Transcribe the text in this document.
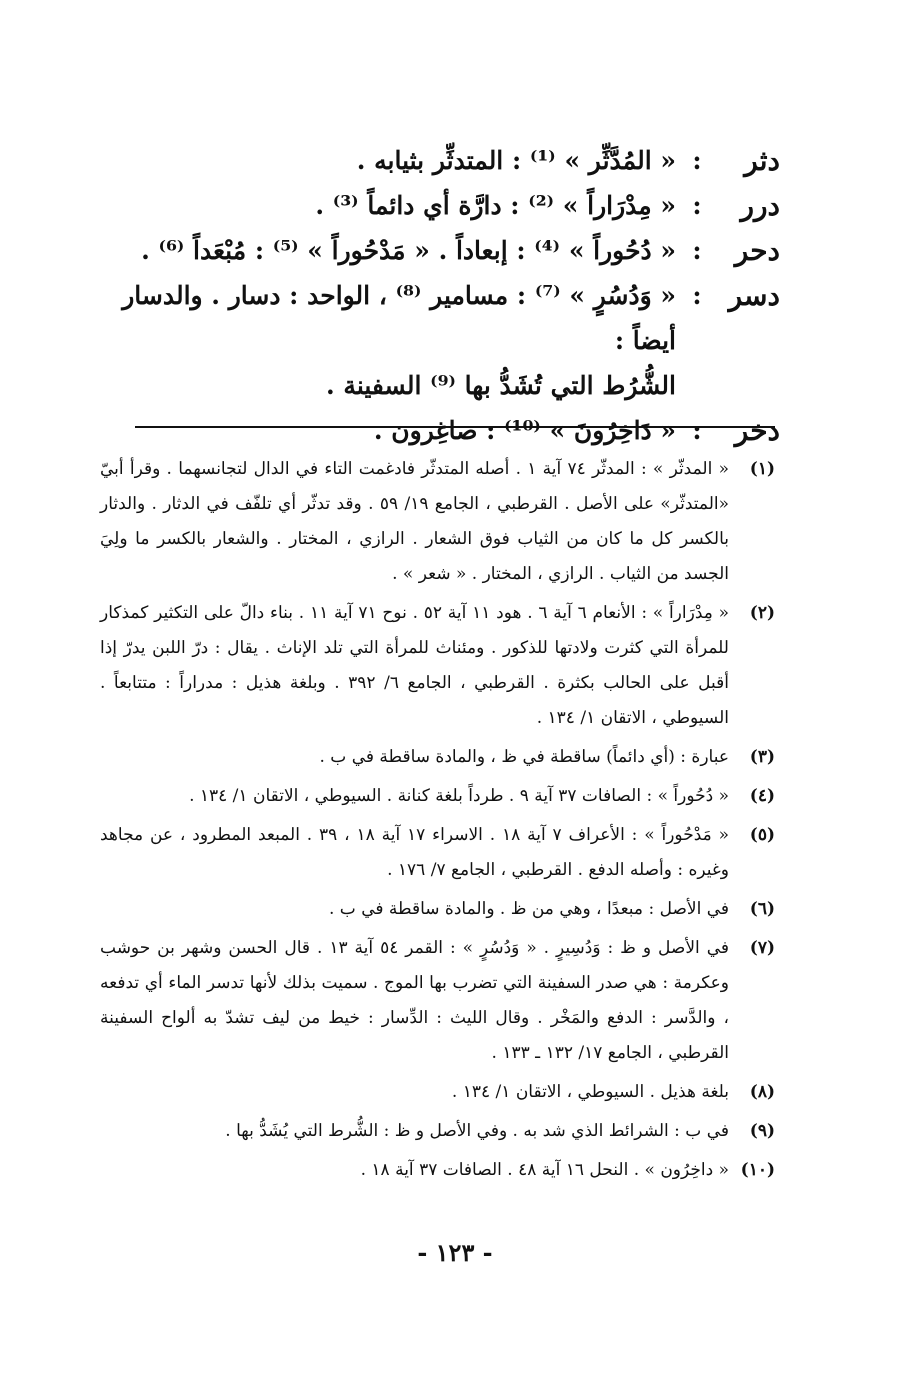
دثر
:
« المُدَّثِّر » ⁽¹⁾ : المتدثِّر بثيابه .
درر
:
« مِدْرَاراً » ⁽²⁾ : دارَّة أي دائماً ⁽³⁾ .
دحر
:
« دُحُوراً » ⁽⁴⁾ : إبعاداً . « مَدْحُوراً » ⁽⁵⁾ : مُبْعَداً ⁽⁶⁾ .
دسر
:
« وَدُسُرٍ » ⁽⁷⁾ : مسامير ⁽⁸⁾ ، الواحد : دسار . والدسار أيضاً :
الشُّرُط التي تُشَدُّ بها ⁽⁹⁾ السفينة .
دخر
:
« دَاخِرُونَ » ⁽¹⁰⁾ : صاغِرون .
(١)
« المدثّر » : المدثّر ٧٤ آية ١ . أصله المتدثّر فادغمت التاء في الدال لتجانسهما . وقرأ أبيّ «المتدثّر» على الأصل . القرطبي ، الجامع ١٩/ ٥٩ . وقد تدثّر أي تلفّف في الدثار . والدثار بالكسر كل ما كان من الثياب فوق الشعار . الرازي ، المختار . والشعار بالكسر ما ولِيَ الجسد من الثياب . الرازي ، المختار . « شعر » .
(٢)
« مِدْرَاراً » : الأنعام ٦ آية ٦ . هود ١١ آية ٥٢ . نوح ٧١ آية ١١ . بناء دالّ على التكثير كمذكار للمرأة التي كثرت ولادتها للذكور . ومئناث للمرأة التي تلد الإناث . يقال : درّ اللبن يدرّ إذا أقبل على الحالب بكثرة . القرطبي ، الجامع ٦/ ٣٩٢ . وبلغة هذيل : مدراراً : متتابعاً . السيوطي ، الاتقان ١/ ١٣٤ .
(٣)
عبارة : (أي دائماً) ساقطة في ظ ، والمادة ساقطة في ب .
(٤)
« دُحُوراً » : الصافات ٣٧ آية ٩ . طرداً بلغة كنانة . السيوطي ، الاتقان ١/ ١٣٤ .
(٥)
« مَدْحُوراً » : الأعراف ٧ آية ١٨ . الاسراء ١٧ آية ١٨ ، ٣٩ . المبعد المطرود ، عن مجاهد وغيره : وأصله الدفع . القرطبي ، الجامع ٧/ ١٧٦ .
(٦)
في الأصل : مبعدًا ، وهي من ظ . والمادة ساقطة في ب .
(٧)
في الأصل و ظ : وَدُسِيرٍ . « وَدُسُرٍ » : القمر ٥٤ آية ١٣ . قال الحسن وشهر بن حوشب وعكرمة : هي صدر السفينة التي تضرب بها الموج . سميت بذلك لأنها تدسر الماء أي تدفعه ، والدَّسر : الدفع والمَخْر . وقال الليث : الدِّسار : خيط من ليف تشدّ به ألواح السفينة القرطبي ، الجامع ١٧/ ١٣٢ ـ ١٣٣ .
(٨)
بلغة هذيل . السيوطي ، الاتقان ١/ ١٣٤ .
(٩)
في ب : الشرائط الذي شد به . وفي الأصل و ظ : الشُّرط التي يُشَدُّ بها .
(١٠)
« داخِرُون » . النحل ١٦ آية ٤٨ . الصافات ٣٧ آية ١٨ .
- ١٢٣ -
